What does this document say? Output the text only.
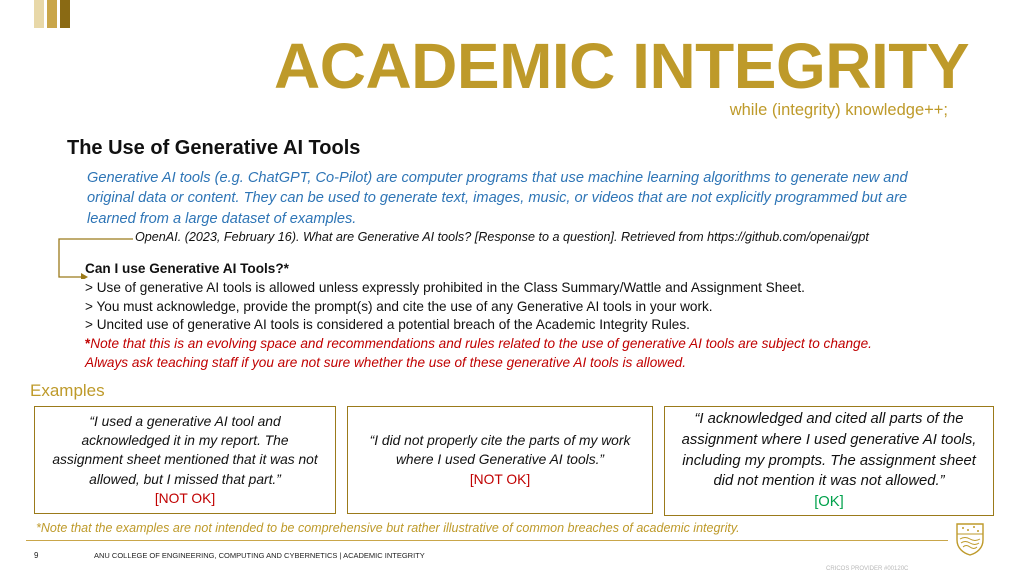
ACADEMIC INTEGRITY
while (integrity) knowledge++;
The Use of Generative AI Tools

Generative AI tools (e.g. ChatGPT, Co-Pilot) are computer programs that use machine learning algorithms to generate new and original data or content. They can be used to generate text, images, music, or videos that are not explicitly programmed but are learned from a large dataset of examples.

OpenAI. (2023, February 16). What are Generative AI tools? [Response to a question]. Retrieved from https://github.com/openai/gpt

Can I use Generative AI Tools?*
> Use of generative AI tools is allowed unless expressly prohibited in the Class Summary/Wattle and Assignment Sheet.
> You must acknowledge, provide the prompt(s) and cite the use of any Generative AI tools in your work.
> Uncited use of generative AI tools is considered a potential breach of the Academic Integrity Rules.
*Note that this is an evolving space and recommendations and rules related to the use of generative AI tools are subject to change.
Always ask teaching staff if you are not sure whether the use of these generative AI tools is allowed.
Examples
“I used a generative AI tool and acknowledged it in my report. The assignment sheet mentioned that it was not allowed, but I missed that part.”
[NOT OK]
“I did not properly cite the parts of my work where I used Generative AI tools.”
[NOT OK]
“I acknowledged and cited all parts of the assignment where I used generative AI tools, including my prompts. The assignment sheet did not mention it was not allowed.”
[OK]
*Note that the examples are not intended to be comprehensive but rather illustrative of common breaches of academic integrity.
9	ANU COLLEGE OF ENGINEERING, COMPUTING AND CYBERNETICS | ACADEMIC INTEGRITY
CRICOS PROVIDER #00120C
